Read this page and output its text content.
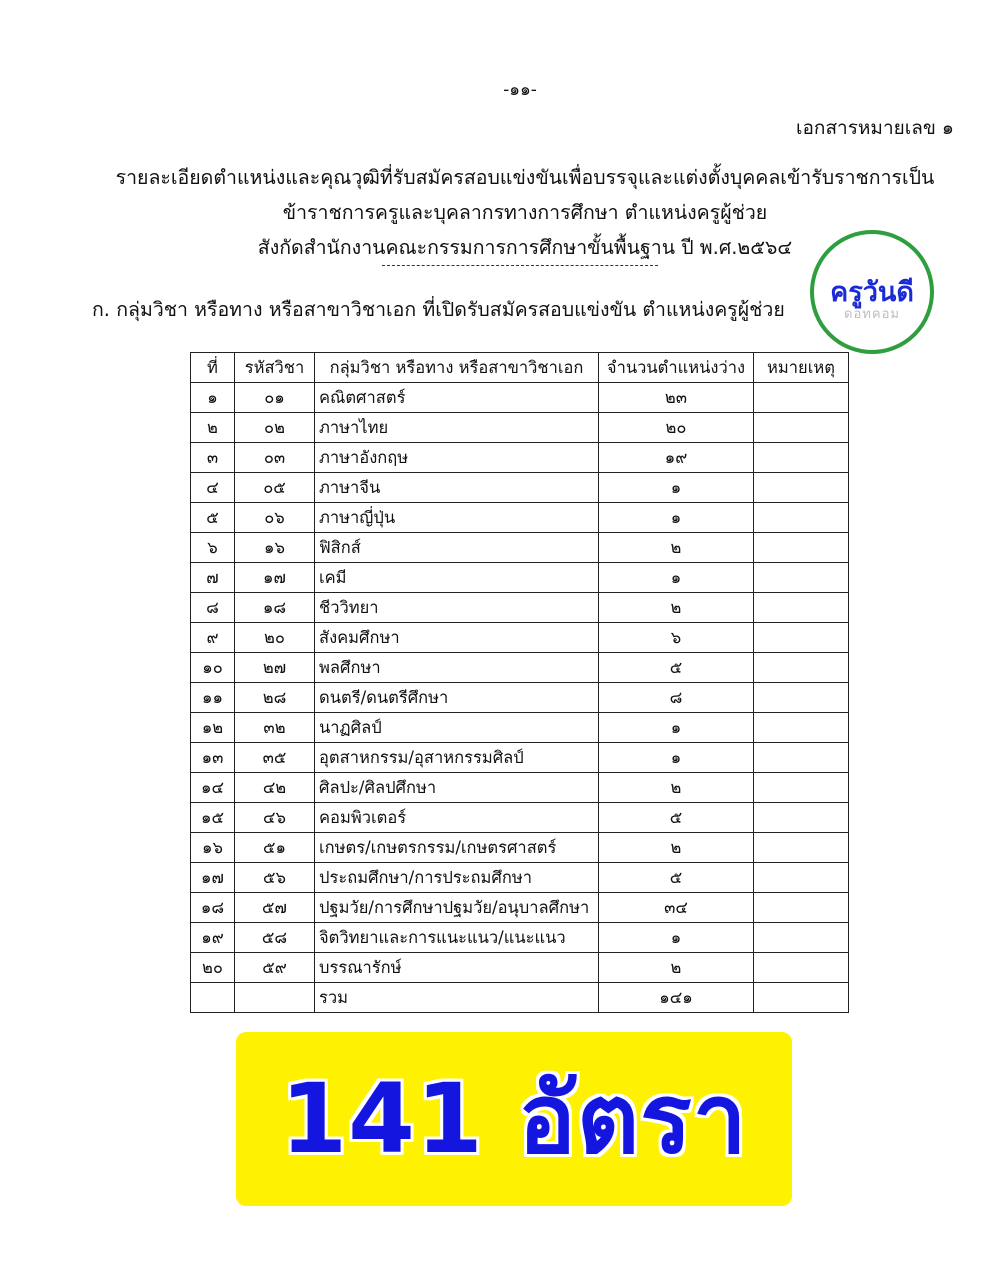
-๑๑-
เอกสารหมายเลข ๑
รายละเอียดตำแหน่งและคุณวุฒิที่รับสมัครสอบแข่งขันเพื่อบรรจุและแต่งตั้งบุคคลเข้ารับราชการเป็น
ข้าราชการครูและบุคลากรทางการศึกษา ตำแหน่งครูผู้ช่วย
สังกัดสำนักงานคณะกรรมการการศึกษาขั้นพื้นฐาน ปี พ.ศ.๒๕๖๔
ก. กลุ่มวิชา หรือทาง หรือสาขาวิชาเอก ที่เปิดรับสมัครสอบแข่งขัน ตำแหน่งครูผู้ช่วย
ครูวันดี
ดอทคอม
ที่	รหัสวิชา	กลุ่มวิชา หรือทาง หรือสาขาวิชาเอก	จำนวนตำแหน่งว่าง	หมายเหตุ
๑	๐๑	คณิตศาสตร์	๒๓	
๒	๐๒	ภาษาไทย	๒๐	
๓	๐๓	ภาษาอังกฤษ	๑๙	
๔	๐๕	ภาษาจีน	๑	
๕	๐๖	ภาษาญี่ปุ่น	๑	
๖	๑๖	ฟิสิกส์	๒	
๗	๑๗	เคมี	๑	
๘	๑๘	ชีววิทยา	๒	
๙	๒๐	สังคมศึกษา	๖	
๑๐	๒๗	พลศึกษา	๕	
๑๑	๒๘	ดนตรี/ดนตรีศึกษา	๘	
๑๒	๓๒	นาฏศิลป์	๑	
๑๓	๓๕	อุตสาหกรรม/อุสาหกรรมศิลป์	๑	
๑๔	๔๒	ศิลปะ/ศิลปศึกษา	๒	
๑๕	๔๖	คอมพิวเตอร์	๕	
๑๖	๕๑	เกษตร/เกษตรกรรม/เกษตรศาสตร์	๒	
๑๗	๕๖	ประถมศึกษา/การประถมศึกษา	๕	
๑๘	๕๗	ปฐมวัย/การศึกษาปฐมวัย/อนุบาลศึกษา	๓๔	
๑๙	๕๘	จิตวิทยาและการแนะแนว/แนะแนว	๑	
๒๐	๕๙	บรรณารักษ์	๒	
		รวม	๑๔๑	
141 อัตรา
